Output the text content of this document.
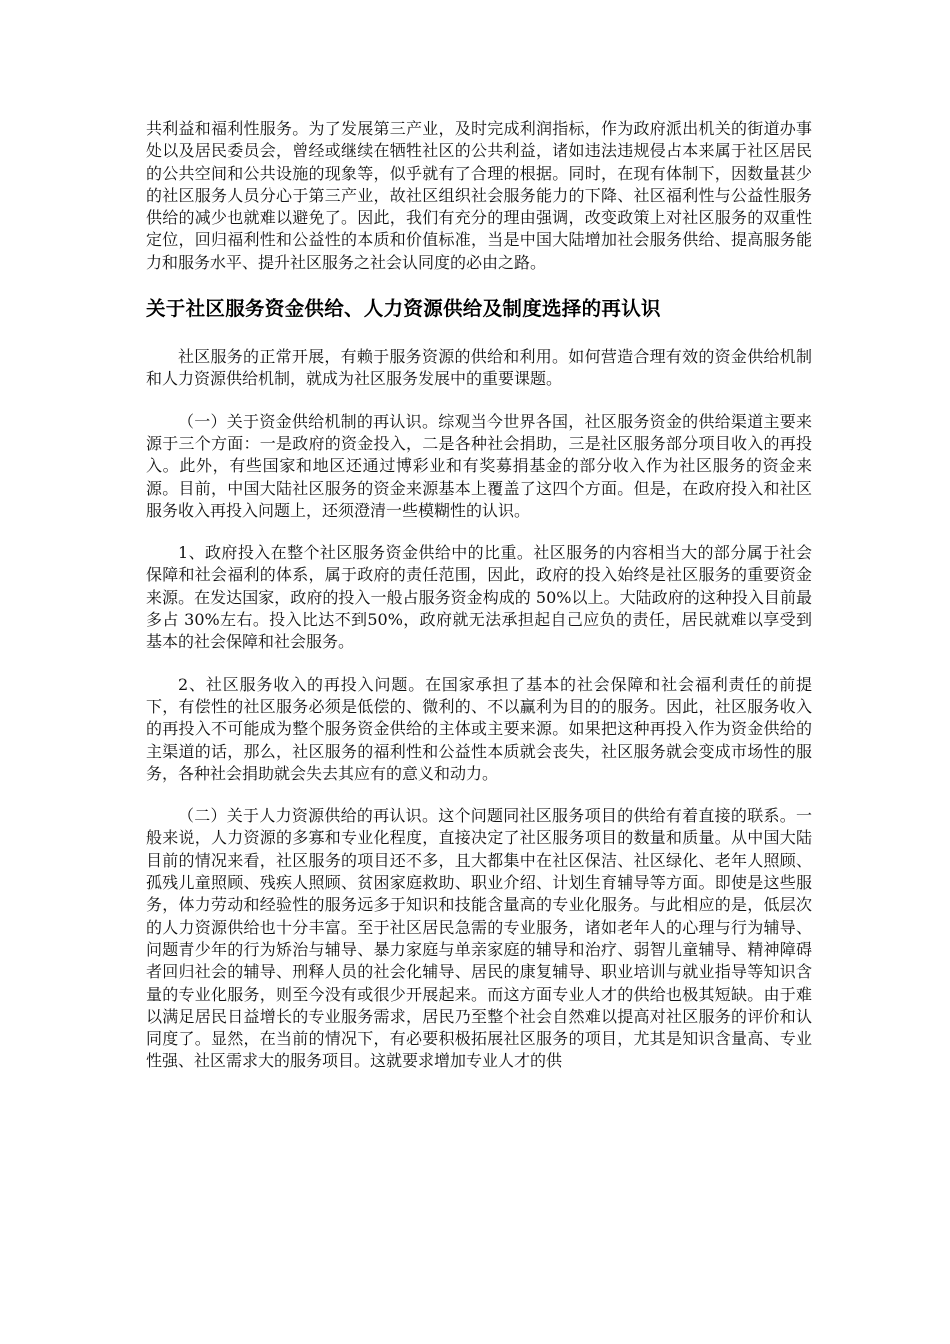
共利益和福利性服务。为了发展第三产业，及时完成利润指标，作为政府派出机关的街道办事处以及居民委员会，曾经或继续在牺牲社区的公共利益，诸如违法违规侵占本来属于社区居民的公共空间和公共设施的现象等，似乎就有了合理的根据。同时，在现有体制下，因数量甚少的社区服务人员分心于第三产业，故社区组织社会服务能力的下降、社区福利性与公益性服务供给的减少也就难以避免了。因此，我们有充分的理由强调，改变政策上对社区服务的双重性定位，回归福利性和公益性的本质和价值标准，当是中国大陆增加社会服务供给、提高服务能力和服务水平、提升社区服务之社会认同度的必由之路。

关于社区服务资金供给、人力资源供给及制度选择的再认识

社区服务的正常开展，有赖于服务资源的供给和利用。如何营造合理有效的资金供给机制和人力资源供给机制，就成为社区服务发展中的重要课题。

（一）关于资金供给机制的再认识。综观当今世界各国，社区服务资金的供给渠道主要来源于三个方面：一是政府的资金投入，二是各种社会捐助，三是社区服务部分项目收入的再投入。此外，有些国家和地区还通过博彩业和有奖募捐基金的部分收入作为社区服务的资金来源。目前，中国大陆社区服务的资金来源基本上覆盖了这四个方面。但是，在政府投入和社区服务收入再投入问题上，还须澄清一些模糊性的认识。

1、政府投入在整个社区服务资金供给中的比重。社区服务的内容相当大的部分属于社会保障和社会福利的体系，属于政府的责任范围，因此，政府的投入始终是社区服务的重要资金来源。在发达国家，政府的投入一般占服务资金构成的 50%以上。大陆政府的这种投入目前最多占 30%左右。投入比达不到50%，政府就无法承担起自己应负的责任，居民就难以享受到基本的社会保障和社会服务。

2、社区服务收入的再投入问题。在国家承担了基本的社会保障和社会福利责任的前提下，有偿性的社区服务必须是低偿的、微利的、不以赢利为目的的服务。因此，社区服务收入的再投入不可能成为整个服务资金供给的主体或主要来源。如果把这种再投入作为资金供给的主渠道的话，那么，社区服务的福利性和公益性本质就会丧失，社区服务就会变成市场性的服务，各种社会捐助就会失去其应有的意义和动力。

（二）关于人力资源供给的再认识。这个问题同社区服务项目的供给有着直接的联系。一般来说，人力资源的多寡和专业化程度，直接决定了社区服务项目的数量和质量。从中国大陆目前的情况来看，社区服务的项目还不多，且大都集中在社区保洁、社区绿化、老年人照顾、孤残儿童照顾、残疾人照顾、贫困家庭救助、职业介绍、计划生育辅导等方面。即使是这些服务，体力劳动和经验性的服务远多于知识和技能含量高的专业化服务。与此相应的是，低层次的人力资源供给也十分丰富。至于社区居民急需的专业服务，诸如老年人的心理与行为辅导、问题青少年的行为矫治与辅导、暴力家庭与单亲家庭的辅导和治疗、弱智儿童辅导、精神障碍者回归社会的辅导、刑释人员的社会化辅导、居民的康复辅导、职业培训与就业指导等知识含量的专业化服务，则至今没有或很少开展起来。而这方面专业人才的供给也极其短缺。由于难以满足居民日益增长的专业服务需求，居民乃至整个社会自然难以提高对社区服务的评价和认同度了。显然，在当前的情况下，有必要积极拓展社区服务的项目，尤其是知识含量高、专业性强、社区需求大的服务项目。这就要求增加专业人才的供
